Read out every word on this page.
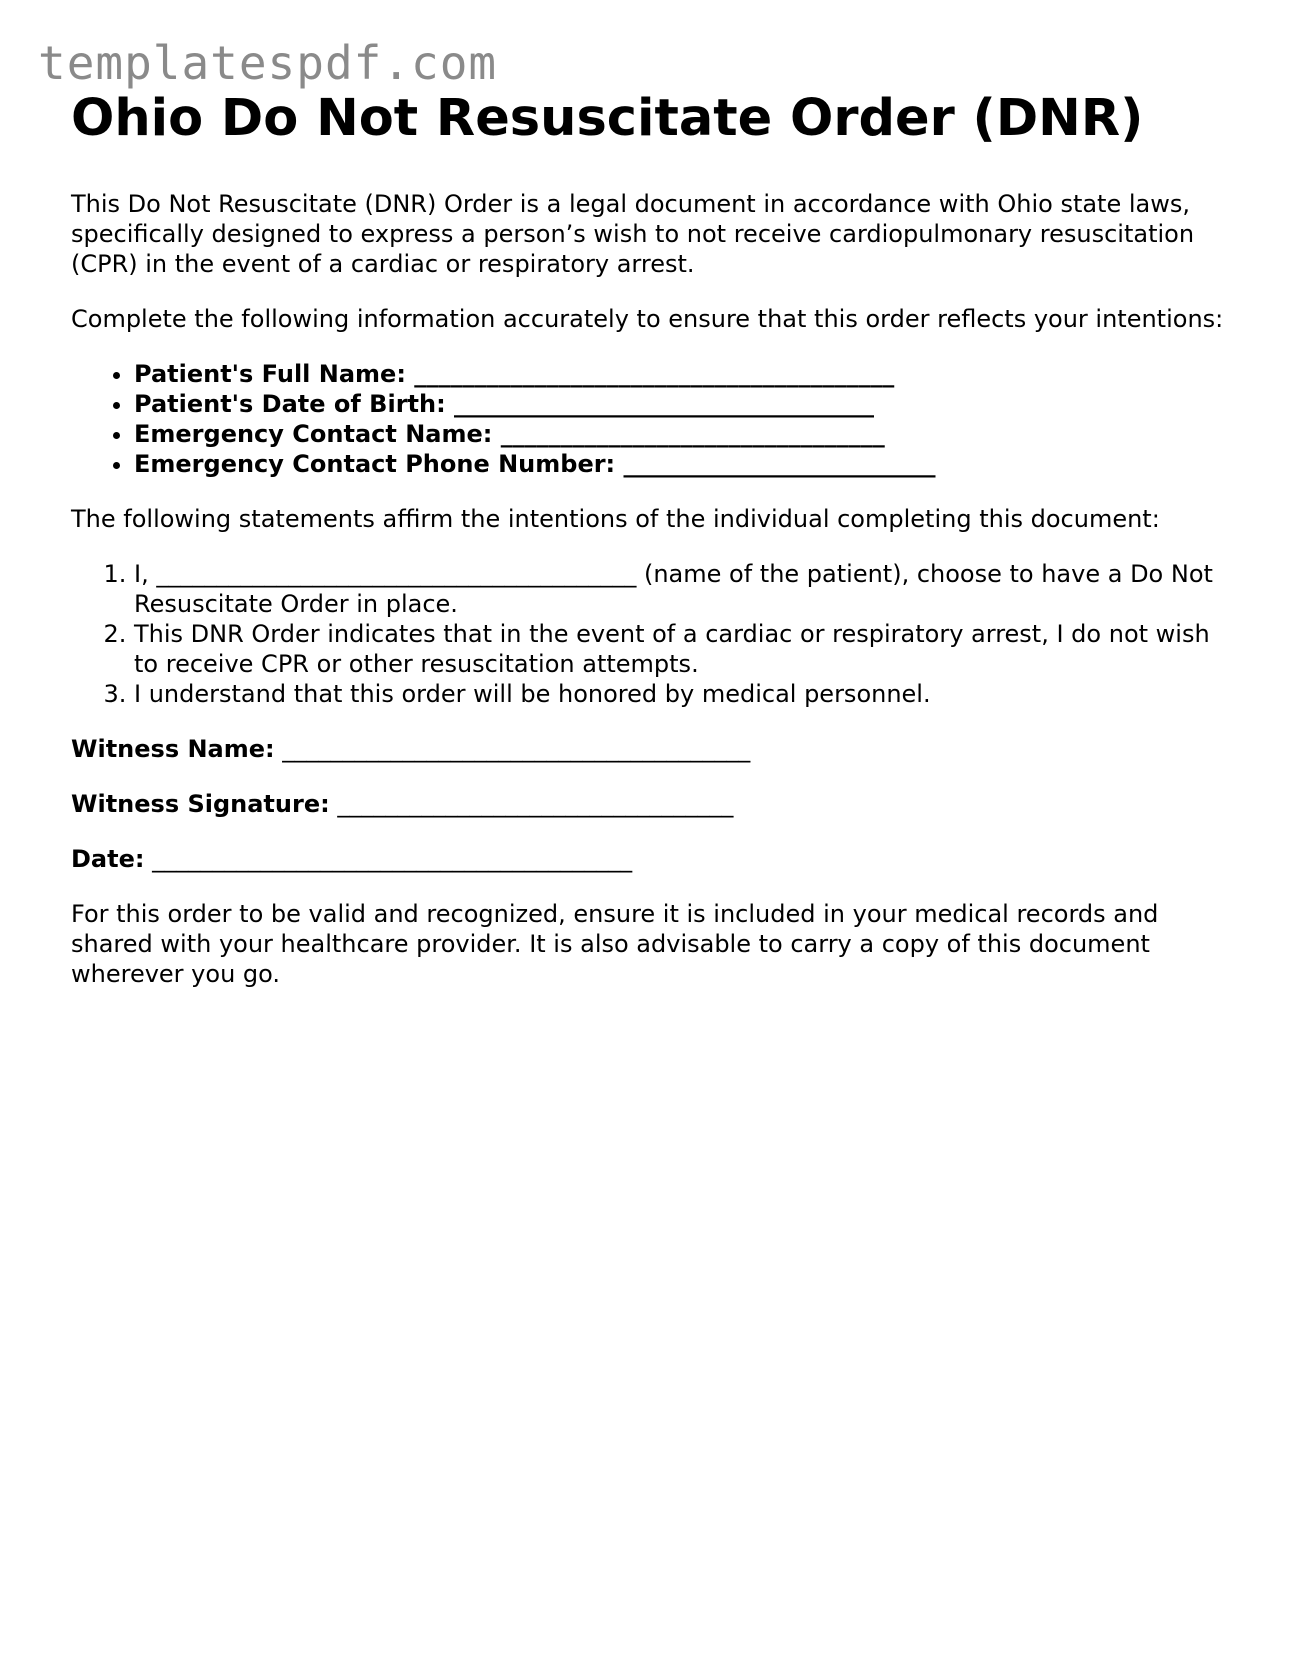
templatespdf.com
Ohio Do Not Resuscitate Order (DNR)

This Do Not Resuscitate (DNR) Order is a legal document in accordance with Ohio state laws, specifically designed to express a person’s wish to not receive cardiopulmonary resuscitation (CPR) in the event of a cardiac or respiratory arrest.

Complete the following information accurately to ensure that this order reflects your intentions:

• Patient's Full Name: ________________________________________
• Patient's Date of Birth: ___________________________________
• Emergency Contact Name: ________________________________
• Emergency Contact Phone Number: __________________________

The following statements affirm the intentions of the individual completing this document:

1. I, ________________________________________ (name of the patient), choose to have a Do Not Resuscitate Order in place.
2. This DNR Order indicates that in the event of a cardiac or respiratory arrest, I do not wish to receive CPR or other resuscitation attempts.
3. I understand that this order will be honored by medical personnel.

Witness Name: _______________________________________

Witness Signature: _________________________________

Date: ________________________________________

For this order to be valid and recognized, ensure it is included in your medical records and shared with your healthcare provider. It is also advisable to carry a copy of this document wherever you go.
